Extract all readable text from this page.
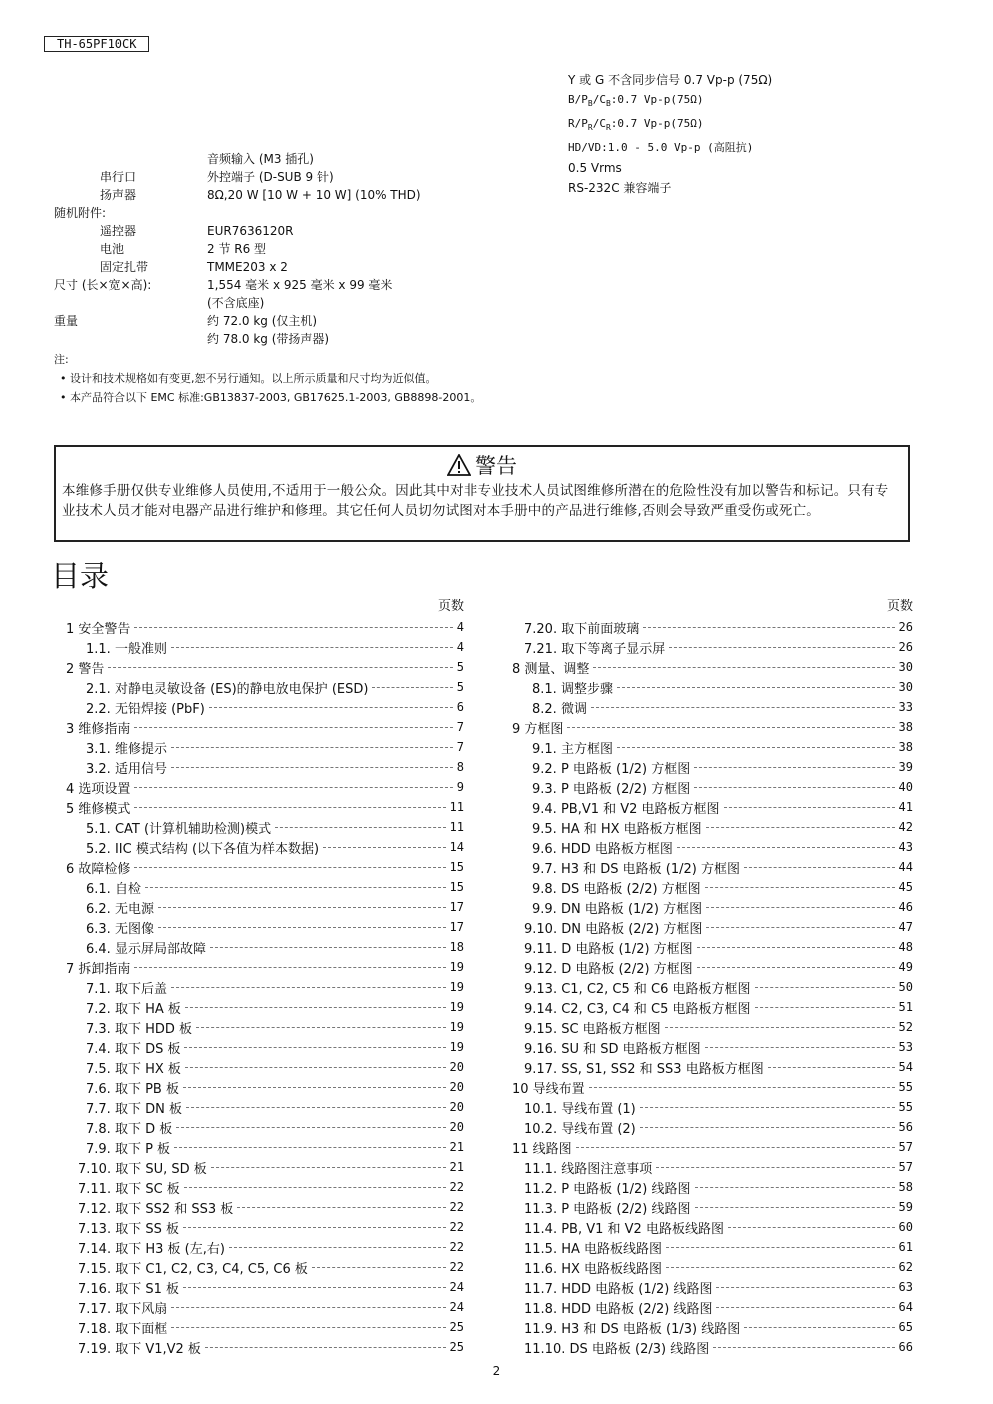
TH-65PF10CK
Y 或 G 不含同步信号 0.7 Vp-p (75Ω)
$B/P_B/C_B:0.7$ Vp-p(75Ω)
$R/P_R/C_R:0.7$ Vp-p(75Ω)
HD/VD:1.0 - 5.0 Vp-p (高阻抗)
0.5 Vrms
RS-232C 兼容端子
音频输入 (M3 插孔)
串行口	外控端子 (D-SUB 9 针)
扬声器	8Ω,20 W [10 W + 10 W] (10% THD)
随机附件:
遥控器	EUR7636120R
电池	2 节 R6 型
固定扎带	TMME203 x 2
尺寸 (长×宽×高):	1,554 毫米 x 925 毫米 x 99 毫米
(不含底座)
重量	约 72.0 kg (仅主机)
约 78.0 kg (带扬声器)
注:
• 设计和技术规格如有变更,恕不另行通知。以上所示质量和尺寸均为近似值。
• 本产品符合以下 EMC 标准:GB13837-2003, GB17625.1-2003, GB8898-2001。
警告
本维修手册仅供专业维修人员使用,不适用于一般公众。因此其中对非专业技术人员试图维修所潜在的危险性没有加以警告和标记。只有专业技术人员才能对电器产品进行维护和修理。其它任何人员切勿试图对本手册中的产品进行维修,否则会导致严重受伤或死亡。
目录
页数
1 安全警告	4
1.1. 一般准则	4
2 警告	5
2.1. 对静电灵敏设备 (ES)的静电放电保护 (ESD)	5
2.2. 无铅焊接 (PbF)	6
3 维修指南	7
3.1. 维修提示	7
3.2. 适用信号	8
4 选项设置	9
5 维修模式	11
5.1. CAT (计算机辅助检测)模式	11
5.2. IIC 模式结构 (以下各值为样本数据)	14
6 故障检修	15
6.1. 自检	15
6.2. 无电源	17
6.3. 无图像	17
6.4. 显示屏局部故障	18
7 拆卸指南	19
7.1. 取下后盖	19
7.2. 取下 HA 板	19
7.3. 取下 HDD 板	19
7.4. 取下 DS 板	19
7.5. 取下 HX 板	20
7.6. 取下 PB 板	20
7.7. 取下 DN 板	20
7.8. 取下 D 板	20
7.9. 取下 P 板	21
7.10. 取下 SU, SD 板	21
7.11. 取下 SC 板	22
7.12. 取下 SS2 和 SS3 板	22
7.13. 取下 SS 板	22
7.14. 取下 H3 板 (左,右)	22
7.15. 取下 C1, C2, C3, C4, C5, C6 板	22
7.16. 取下 S1 板	24
7.17. 取下风扇	24
7.18. 取下面框	25
7.19. 取下 V1,V2 板	25
页数
7.20. 取下前面玻璃	26
7.21. 取下等离子显示屏	26
8 测量、调整	30
8.1. 调整步骤	30
8.2. 微调	33
9 方框图	38
9.1. 主方框图	38
9.2. P 电路板 (1/2) 方框图	39
9.3. P 电路板 (2/2) 方框图	40
9.4. PB,V1 和 V2 电路板方框图	41
9.5. HA 和 HX 电路板方框图	42
9.6. HDD 电路板方框图	43
9.7. H3 和 DS 电路板 (1/2) 方框图	44
9.8. DS 电路板 (2/2) 方框图	45
9.9. DN 电路板 (1/2) 方框图	46
9.10. DN 电路板 (2/2) 方框图	47
9.11. D 电路板 (1/2) 方框图	48
9.12. D 电路板 (2/2) 方框图	49
9.13. C1, C2, C5 和 C6 电路板方框图	50
9.14. C2, C3, C4 和 C5 电路板方框图	51
9.15. SC 电路板方框图	52
9.16. SU 和 SD 电路板方框图	53
9.17. SS, S1, SS2 和 SS3 电路板方框图	54
10 导线布置	55
10.1. 导线布置 (1)	55
10.2. 导线布置 (2)	56
11 线路图	57
11.1. 线路图注意事项	57
11.2. P 电路板 (1/2) 线路图	58
11.3. P 电路板 (2/2) 线路图	59
11.4. PB, V1 和 V2 电路板线路图	60
11.5. HA 电路板线路图	61
11.6. HX 电路板线路图	62
11.7. HDD 电路板 (1/2) 线路图	63
11.8. HDD 电路板 (2/2) 线路图	64
11.9. H3 和 DS 电路板 (1/3) 线路图	65
11.10. DS 电路板 (2/3) 线路图	66
2
